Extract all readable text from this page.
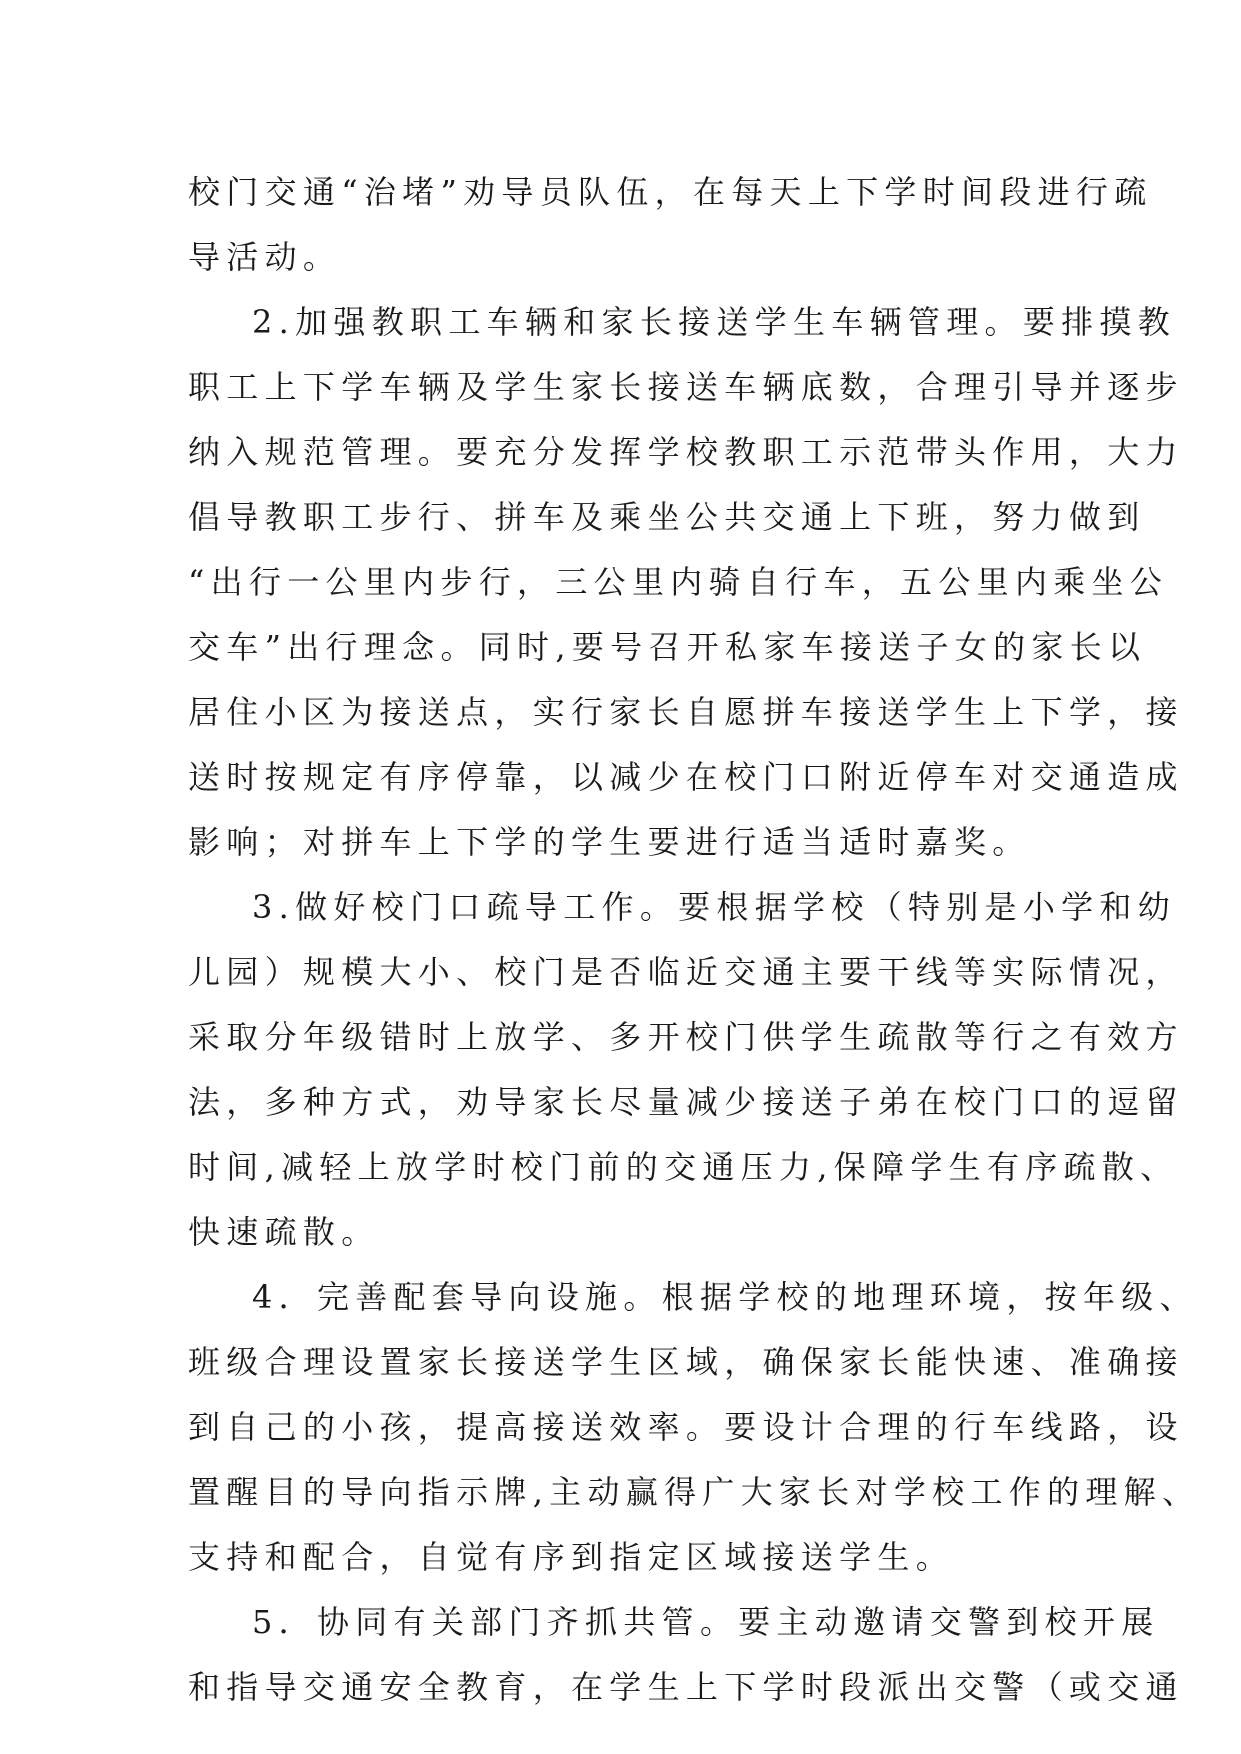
校门交通“治堵”劝导员队伍，在每天上下学时间段进行疏
导活动。
2.加强教职工车辆和家长接送学生车辆管理。要排摸教
职工上下学车辆及学生家长接送车辆底数，合理引导并逐步
纳入规范管理。要充分发挥学校教职工示范带头作用，大力
倡导教职工步行、拼车及乘坐公共交通上下班，努力做到
“出行一公里内步行，三公里内骑自行车，五公里内乘坐公
交车”出行理念。同时,要号召开私家车接送子女的家长以
居住小区为接送点，实行家长自愿拼车接送学生上下学，接
送时按规定有序停靠，以减少在校门口附近停车对交通造成
影响；对拼车上下学的学生要进行适当适时嘉奖。
3.做好校门口疏导工作。要根据学校（特别是小学和幼
儿园）规模大小、校门是否临近交通主要干线等实际情况，
采取分年级错时上放学、多开校门供学生疏散等行之有效方
法，多种方式，劝导家长尽量减少接送子弟在校门口的逗留
时间,减轻上放学时校门前的交通压力,保障学生有序疏散、
快速疏散。
4．完善配套导向设施。根据学校的地理环境，按年级、
班级合理设置家长接送学生区域，确保家长能快速、准确接
到自己的小孩，提高接送效率。要设计合理的行车线路，设
置醒目的导向指示牌,主动赢得广大家长对学校工作的理解、
支持和配合，自觉有序到指定区域接送学生。
5．协同有关部门齐抓共管。要主动邀请交警到校开展
和指导交通安全教育，在学生上下学时段派出交警（或交通
